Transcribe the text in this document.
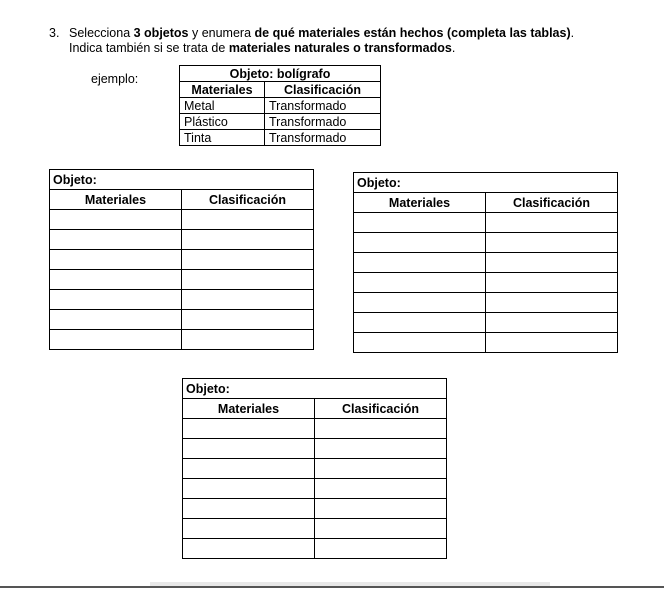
3. Selecciona 3 objetos y enumera de qué materiales están hechos (completa las tablas).
Indica también si se trata de materiales naturales o transformados.
ejemplo:	Objeto: bolígrafo	
Materiales	Clasificación
Metal	Transformado
Plástico	Transformado
Tinta	Transformado
Objeto:	
Materiales	Clasificación

Objeto:	
Materiales	Clasificación

Objeto:	
Materiales	Clasificación
